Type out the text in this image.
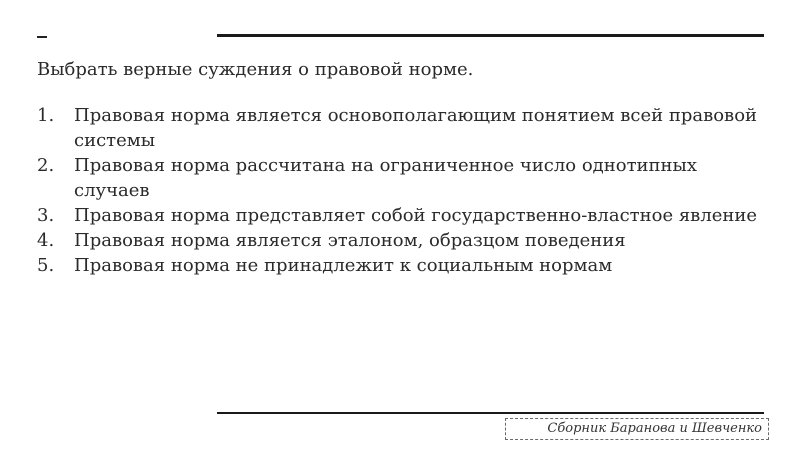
Выбрать верные суждения о правовой норме.
1.	Правовая норма является основополагающим понятием всей правовой системы
2.	Правовая норма рассчитана на ограниченное число однотипных случаев
3.	Правовая норма представляет собой государственно-властное явление
4.	Правовая норма является эталоном, образцом поведения
5.	Правовая норма не принадлежит к социальным нормам
Сборник Баранова и Шевченко
